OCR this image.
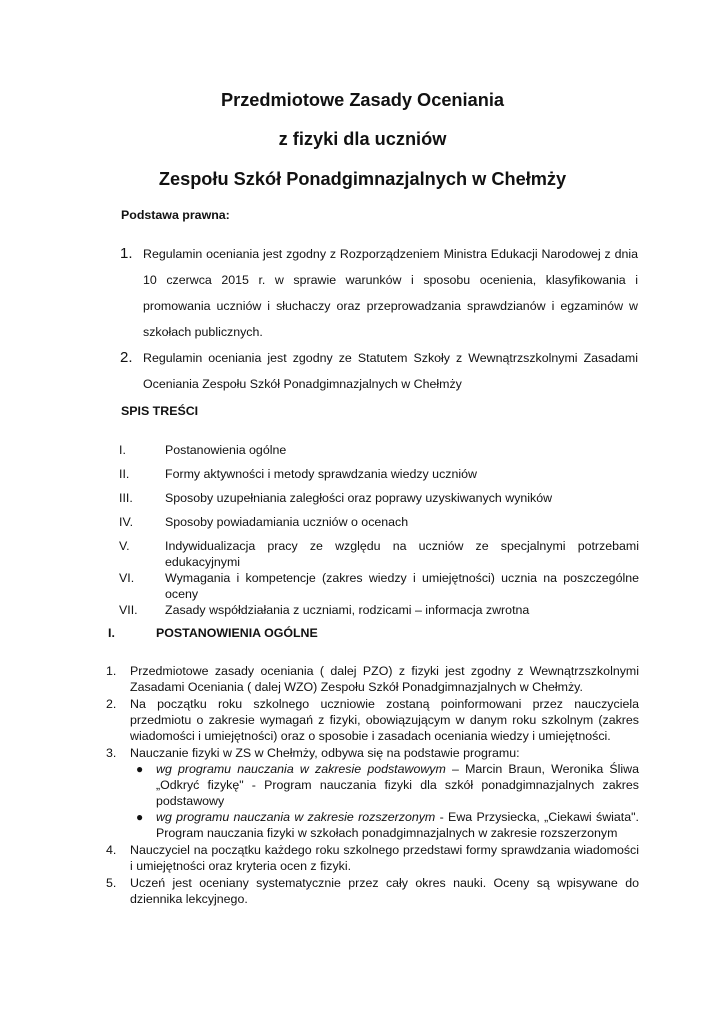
Przedmiotowe Zasady Oceniania
z fizyki dla uczniów
Zespołu Szkół Ponadgimnazjalnych w Chełmży
Podstawa prawna:
1. Regulamin oceniania jest zgodny z Rozporządzeniem Ministra Edukacji Narodowej z dnia 10 czerwca 2015 r. w sprawie warunków i sposobu ocenienia, klasyfikowania i promowania uczniów i słuchaczy oraz przeprowadzania sprawdzianów i egzaminów w szkołach publicznych.
2. Regulamin oceniania jest zgodny ze Statutem Szkoły z Wewnątrzszkolnymi Zasadami Oceniania Zespołu Szkół Ponadgimnazjalnych w Chełmży
SPIS TREŚCI
I.	Postanowienia ogólne
II.	Formy aktywności i metody sprawdzania wiedzy uczniów
III.	Sposoby uzupełniania zaległości oraz poprawy uzyskiwanych wyników
IV.	Sposoby powiadamiania uczniów o ocenach
V.	Indywidualizacja pracy ze względu na uczniów ze specjalnymi potrzebami edukacyjnymi
VI. Wymagania i kompetencje (zakres wiedzy i umiejętności) ucznia na poszczególne oceny
VII. Zasady współdziałania z uczniami, rodzicami – informacja zwrotna
I.	POSTANOWIENIA OGÓLNE
1. Przedmiotowe zasady oceniania ( dalej PZO) z fizyki jest zgodny z Wewnątrzszkolnymi Zasadami Oceniania ( dalej WZO) Zespołu Szkół Ponadgimnazjalnych w Chełmży.
2. Na początku roku szkolnego uczniowie zostaną poinformowani przez nauczyciela przedmiotu o zakresie wymagań z fizyki, obowiązującym w danym roku szkolnym (zakres wiadomości i umiejętności) oraz o sposobie i zasadach oceniania wiedzy i umiejętności.
3. Nauczanie fizyki w ZS w Chełmży, odbywa się na podstawie programu:
● wg programu nauczania w zakresie podstawowym – Marcin Braun, Weronika Śliwa „Odkryć fizykę" - Program nauczania fizyki dla szkół ponadgimnazjalnych zakres podstawowy
● wg programu nauczania w zakresie rozszerzonym - Ewa Przysiecka, „Ciekawi świata". Program nauczania fizyki w szkołach ponadgimnazjalnych w zakresie rozszerzonym
4. Nauczyciel na początku każdego roku szkolnego przedstawi formy sprawdzania wiadomości i umiejętności oraz kryteria ocen z fizyki.
5. Uczeń jest oceniany systematycznie przez cały okres nauki. Oceny są wpisywane do dziennika lekcyjnego.
